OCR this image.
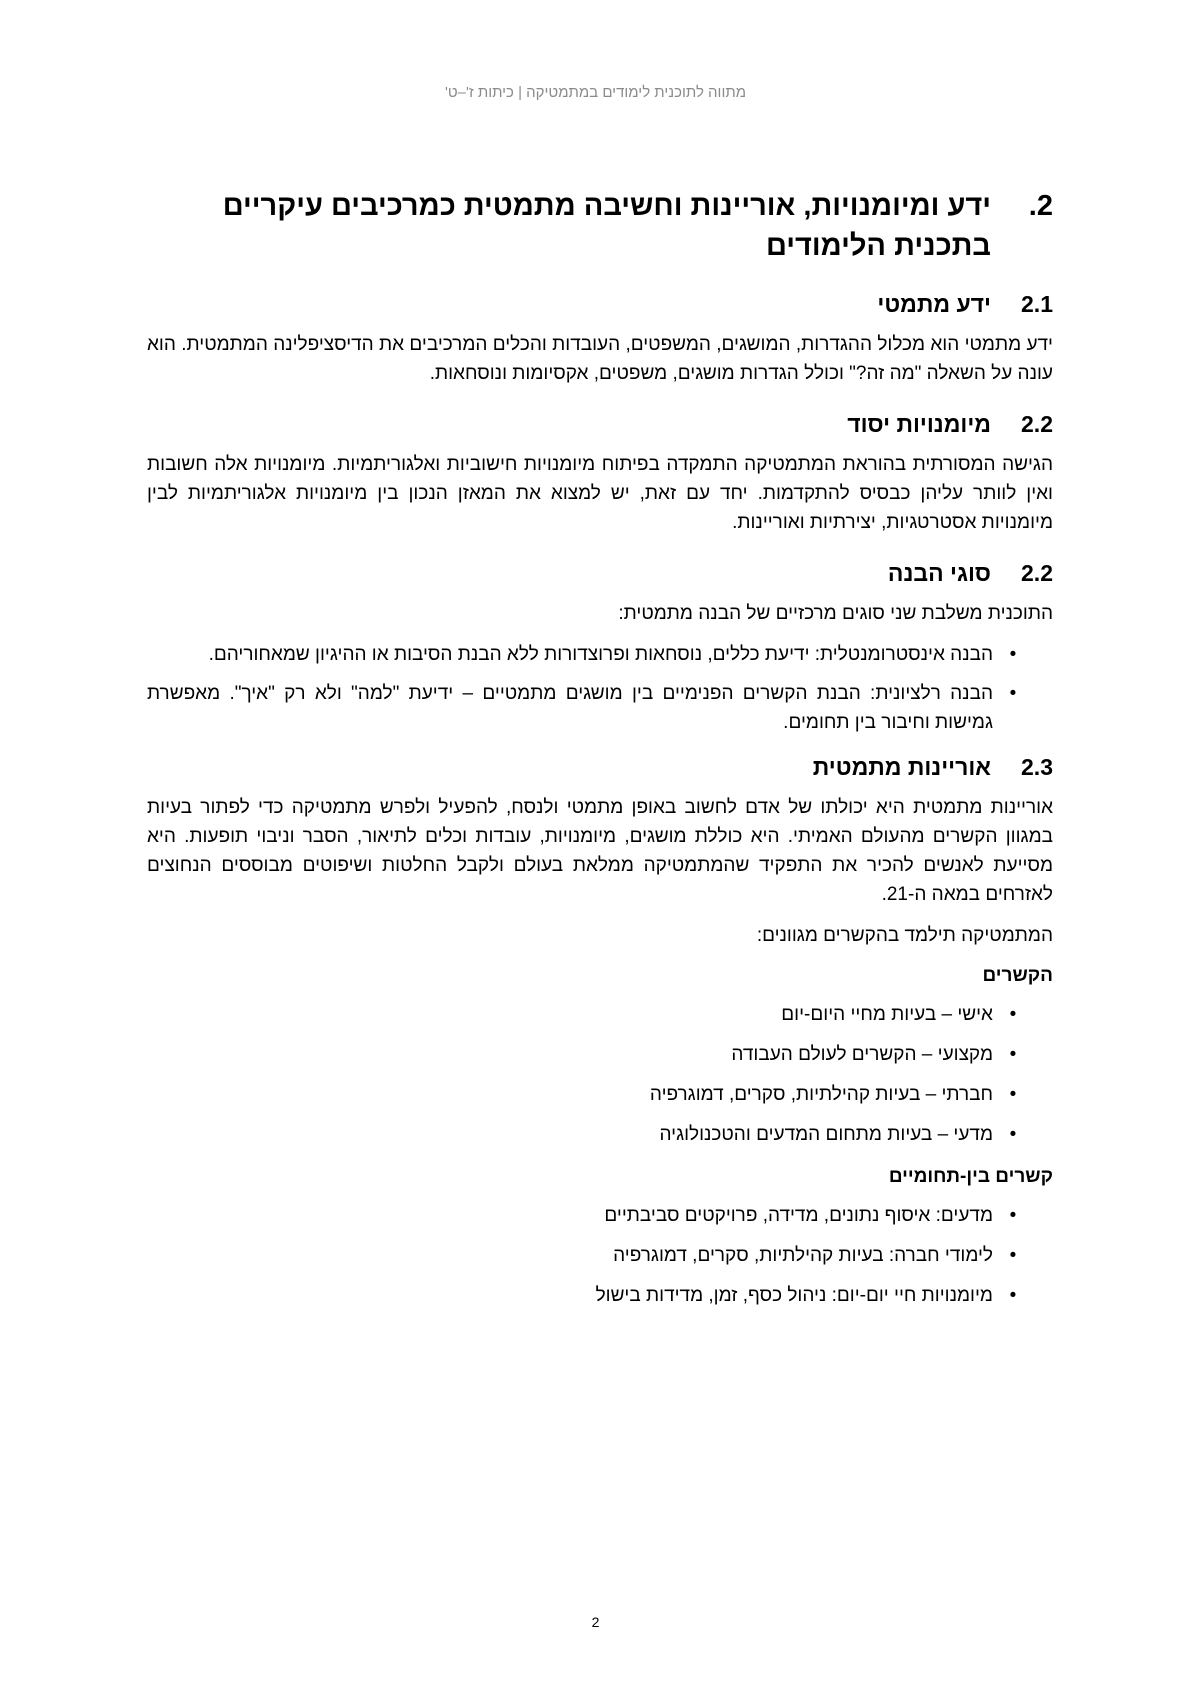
מתווה לתוכנית לימודים במתמטיקה | כיתות ז'–ט'
2.
ידע ומיומנויות, אוריינות וחשיבה מתמטית כמרכיבים עיקריים בתכנית הלימודים
2.1
ידע מתמטי

ידע מתמטי הוא מכלול ההגדרות, המושגים, המשפטים, העובדות והכלים המרכיבים את הדיסציפלינה המתמטית. הוא עונה על השאלה "מה זה?" וכולל הגדרות מושגים, משפטים, אקסיומות ונוסחאות.

2.2
מיומנויות יסוד

הגישה המסורתית בהוראת המתמטיקה התמקדה בפיתוח מיומנויות חישוביות ואלגוריתמיות. מיומנויות אלה חשובות ואין לוותר עליהן כבסיס להתקדמות. יחד עם זאת, יש למצוא את המאזן הנכון בין מיומנויות אלגוריתמיות לבין מיומנויות אסטרטגיות, יצירתיות ואוריינות.

2.2
סוגי הבנה

התוכנית משלבת שני סוגים מרכזיים של הבנה מתמטית:

•
הבנה אינסטרומנטלית: ידיעת כללים, נוסחאות ופרוצדורות ללא הבנת הסיבות או ההיגיון שמאחוריהם.
•
הבנה רלציונית: הבנת הקשרים הפנימיים בין מושגים מתמטיים – ידיעת "למה" ולא רק "איך". מאפשרת גמישות וחיבור בין תחומים.
2.3
אוריינות מתמטית

אוריינות מתמטית היא יכולתו של אדם לחשוב באופן מתמטי ולנסח, להפעיל ולפרש מתמטיקה כדי לפתור בעיות במגוון הקשרים מהעולם האמיתי. היא כוללת מושגים, מיומנויות, עובדות וכלים לתיאור, הסבר וניבוי תופעות. היא מסייעת לאנשים להכיר את התפקיד שהמתמטיקה ממלאת בעולם ולקבל החלטות ושיפוטים מבוססים הנחוצים לאזרחים במאה ה-21.

המתמטיקה תילמד בהקשרים מגוונים:

הקשרים
•
אישי – בעיות מחיי היום-יום
•
מקצועי – הקשרים לעולם העבודה
•
חברתי – בעיות קהילתיות, סקרים, דמוגרפיה
•
מדעי – בעיות מתחום המדעים והטכנולוגיה
קשרים בין-תחומיים
•
מדעים: איסוף נתונים, מדידה, פרויקטים סביבתיים
•
לימודי חברה: בעיות קהילתיות, סקרים, דמוגרפיה
•
מיומנויות חיי יום-יום: ניהול כסף, זמן, מדידות בישול
2
